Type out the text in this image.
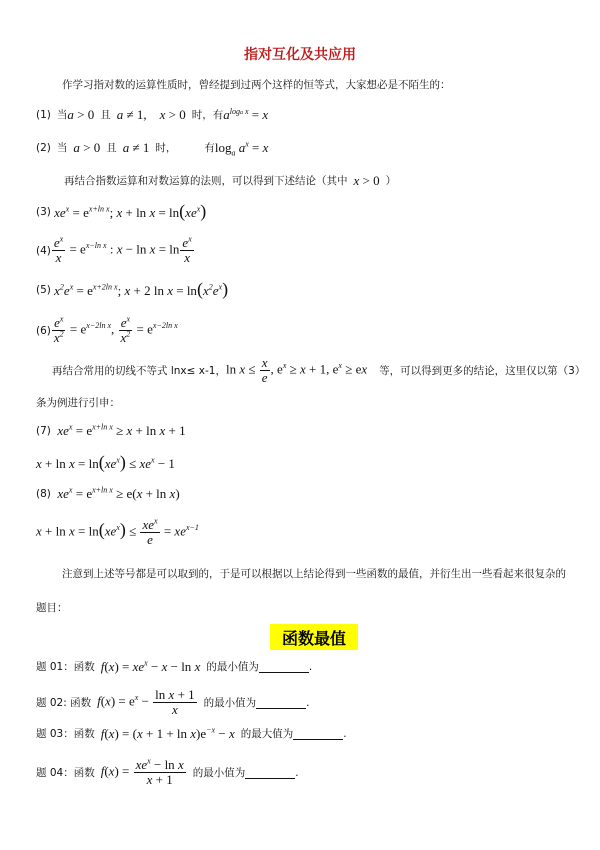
指对互化及共应用
作学习指对数的运算性质时，曾经提到过两个这样的恒等式，大家想必是不陌生的：
(1) 当 a > 0 且 a ≠ 1,    x > 0 时，有 $a^{loga x} = x$
(2) 当 a > 0 且 a ≠ 1 时，	有 $\log_a a^x = x$
再结合指数运算和对数运算的法则，可以得到下述结论（其中 x > 0 ）
(3) $xe^x = e^{x+ln x}$; $x + \ln x = \ln(xe^x)$
$(4) \frac{e^x}{x} = e^{x-ln x}$ : $x - \ln x = \ln \frac{e^x}{x}$
(5) $x^2e^x = e^{x+2ln x}$; x + 2 $\ln x = \ln(x^2e^x)$
$(6) \frac{e^x}{x^2} = e^{x-2ln x}$, $\frac{e^x}{x^2} = e^{x-2ln x}$
再结合常用的切线不等式 lnx≤ x-1， $\ln x \le \frac{x}{e}$ , $e^x \ge x + 1$, $e^x$ ≥ ex 等，可以得到更多的结论，这里仅以第（3）
条为例进行引申：
(7) $xe^x = e^{x+ln x} \ge x + \ln x + 1$
$x + \ln x = \ln(xe^x) \le xe^x - 1$
(8) $xe^x = e^{x+ln x} \ge e(x + \ln x)$
$x + \ln x = \ln(xe^x) \le \frac{xe^x}{e} = xe^{x-1}$
注意到上述等号都是可以取到的，于是可以根据以上结论得到一些函数的最值，并衍生出一些看起来很复杂的
题目：
函数最值
题 01：函数 $f(x) = xe^x - x - \ln x$ 的最小值为	.
题 02: 函数 $f(x) = e^x - \frac{\text{ln x + 1}}{x}$ 的最小值为	.
题 03：函数 $f(x) = (x + 1 + \ln x)e^{-x} - x$ 的最大值为	.
题 04：函数 $f(x) = \frac{xe^x - \ln x}{x + 1}$ 的最小值为	.
